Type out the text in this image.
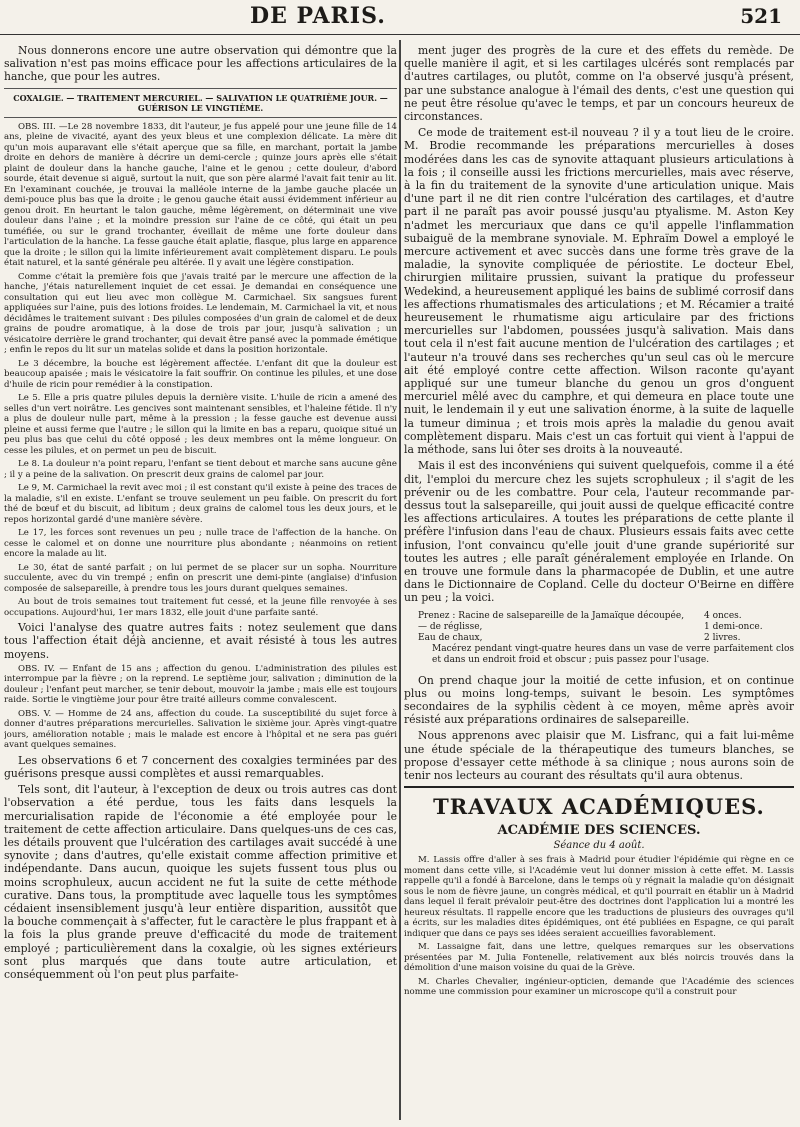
DE PARIS.	521

Nous donnerons encore une autre observation qui démontre que la salivation n'est pas moins efficace pour les affections articulaires de la hanche, que pour les autres.

COXALGIE. — TRAITEMENT MERCURIEL. — SALIVATION LE QUATRIÈME JOUR. — GUÉRISON LE VINGTIÈME.

OBS. III. —Le 28 novembre 1833, dit l'auteur, je fus appelé pour une jeune fille de 14 ans, pleine de vivacité, ayant des yeux bleus et une complexion délicate. La mère dit qu'un mois auparavant elle s'était aperçue que sa fille, en marchant, portait la jambe droite en dehors de manière à décrire un demi-cercle ; quinze jours après elle s'était plaint de douleur dans la hanche gauche, l'aine et le genou ; cette douleur, d'abord sourde, était devenue si aiguë, surtout la nuit, que son père alarmé l'avait fait tenir au lit. En l'examinant couchée, je trouvai la malléole interne de la jambe gauche placée un demi-pouce plus bas que la droite ; le genou gauche était aussi évidemment inférieur au genou droit. En heurtant le talon gauche, même légèrement, on déterminait une vive douleur dans l'aine ; et la moindre pression sur l'aine de ce côté, qui était un peu tuméfiée, ou sur le grand trochanter, éveillait de même une forte douleur dans l'articulation de la hanche. La fesse gauche était aplatie, flasque, plus large en apparence que la droite ; le sillon qui la limite inférieurement avait complètement disparu. Le pouls était naturel, et la santé générale peu altérée. Il y avait une légère constipation.

Comme c'était la première fois que j'avais traité par le mercure une affection de la hanche, j'étais naturellement inquiet de cet essai. Je demandai en conséquence une consultation qui eut lieu avec mon collègue M. Carmichael. Six sangsues furent appliquées sur l'aine, puis des lotions froides. Le lendemain, M. Carmichael la vit, et nous décidâmes le traitement suivant : Des pilules composées d'un grain de calomel et de deux grains de poudre aromatique, à la dose de trois par jour, jusqu'à salivation ; un vésicatoire derrière le grand trochanter, qui devait être pansé avec la pommade émétique ; enfin le repos du lit sur un matelas solide et dans la position horizontale.

Le 3 décembre, la bouche est légèrement affectée. L'enfant dit que la douleur est beaucoup apaisée ; mais le vésicatoire la fait souffrir. On continue les pilules, et une dose d'huile de ricin pour remédier à la constipation.

Le 5. Elle a pris quatre pilules depuis la dernière visite. L'huile de ricin a amené des selles d'un vert noirâtre. Les gencives sont maintenant sensibles, et l'haleine fétide. Il n'y a plus de douleur nulle part, même à la pression ; la fesse gauche est devenue aussi pleine et aussi ferme que l'autre ; le sillon qui la limite en bas a reparu, quoique situé un peu plus bas que celui du côté opposé ; les deux membres ont la même longueur. On cesse les pilules, et on permet un peu de biscuit.

Le 8. La douleur n'a point reparu, l'enfant se tient debout et marche sans aucune gêne ; il y a peine de la salivation. On prescrit deux grains de calomel par jour.

Le 9, M. Carmichael la revit avec moi ; il est constant qu'il existe à peine des traces de la maladie, s'il en existe. L'enfant se trouve seulement un peu faible. On prescrit du fort thé de bœuf et du biscuit, ad libitum ; deux grains de calomel tous les deux jours, et le repos horizontal gardé d'une manière sévère.

Le 17, les forces sont revenues un peu ; nulle trace de l'affection de la hanche. On cesse le calomel et on donne une nourriture plus abondante ; néanmoins on retient encore la malade au lit.

Le 30, état de santé parfait ; on lui permet de se placer sur un sopha. Nourriture succulente, avec du vin trempé ; enfin on prescrit une demi-pinte (anglaise) d'infusion composée de salsepareille, à prendre tous les jours durant quelques semaines.

Au bout de trois semaines tout traitement fut cessé, et la jeune fille renvoyée à ses occupations. Aujourd'hui, 1er mars 1832, elle jouit d'une parfaite santé.

Voici l'analyse des quatre autres faits : notez seulement que dans tous l'affection était déjà ancienne, et avait résisté à tous les autres moyens.

OBS. IV. — Enfant de 15 ans ; affection du genou. L'administration des pilules est interrompue par la fièvre ; on la reprend. Le septième jour, salivation ; diminution de la douleur ; l'enfant peut marcher, se tenir debout, mouvoir la jambe ; mais elle est toujours raide. Sortie le vingtième jour pour être traité ailleurs comme convalescent.

OBS. V. — Homme de 24 ans, affection du coude. La susceptibilité du sujet force à donner d'autres préparations mercurielles. Salivation le sixième jour. Après vingt-quatre jours, amélioration notable ; mais le malade est encore à l'hôpital et ne sera pas guéri avant quelques semaines.

Les observations 6 et 7 concernent des coxalgies terminées par des guérisons presque aussi complètes et aussi remarquables.

Tels sont, dit l'auteur, à l'exception de deux ou trois autres cas dont l'observation a été perdue, tous les faits dans lesquels la mercurialisation rapide de l'économie a été employée pour le traitement de cette affection articulaire. Dans quelques-uns de ces cas, les détails prouvent que l'ulcération des cartilages avait succédé à une synovite ; dans d'autres, qu'elle existait comme affection primitive et indépendante. Dans aucun, quoique les sujets fussent tous plus ou moins scrophuleux, aucun accident ne fut la suite de cette méthode curative. Dans tous, la promptitude avec laquelle tous les symptômes cédaient insensiblement jusqu'à leur entière disparition, aussitôt que la bouche commençait à s'affecter, fut le caractère le plus frappant et à la fois la plus grande preuve d'efficacité du mode de traitement employé ; particulièrement dans la coxalgie, où les signes extérieurs sont plus marqués que dans toute autre articulation, et conséquemment où l'on peut plus parfaite-

ment juger des progrès de la cure et des effets du remède. De quelle manière il agit, et si les cartilages ulcérés sont remplacés par d'autres cartilages, ou plutôt, comme on l'a observé jusqu'à présent, par une substance analogue à l'émail des dents, c'est une question qui ne peut être résolue qu'avec le temps, et par un concours heureux de circonstances.

Ce mode de traitement est-il nouveau ? il y a tout lieu de le croire. M. Brodie recommande les préparations mercurielles à doses modérées dans les cas de synovite attaquant plusieurs articulations à la fois ; il conseille aussi les frictions mercurielles, mais avec réserve, à la fin du traitement de la synovite d'une articulation unique. Mais d'une part il ne dit rien contre l'ulcération des cartilages, et d'autre part il ne paraît pas avoir poussé jusqu'au ptyalisme. M. Aston Key n'admet les mercuriaux que dans ce qu'il appelle l'inflammation subaiguë de la membrane synoviale. M. Ephraïm Dowel a employé le mercure activement et avec succès dans une forme très grave de la maladie, la synovite compliquée de périostite. Le docteur Ebel, chirurgien militaire prussien, suivant la pratique du professeur Wedekind, a heureusement appliqué les bains de sublimé corrosif dans les affections rhumatismales des articulations ; et M. Récamier a traité heureusement le rhumatisme aigu articulaire par des frictions mercurielles sur l'abdomen, poussées jusqu'à salivation. Mais dans tout cela il n'est fait aucune mention de l'ulcération des cartilages ; et l'auteur n'a trouvé dans ses recherches qu'un seul cas où le mercure ait été employé contre cette affection. Wilson raconte qu'ayant appliqué sur une tumeur blanche du genou un gros d'onguent mercuriel mêlé avec du camphre, et qui demeura en place toute une nuit, le lendemain il y eut une salivation énorme, à la suite de laquelle la tumeur diminua ; et trois mois après la maladie du genou avait complètement disparu. Mais c'est un cas fortuit qui vient à l'appui de la méthode, sans lui ôter ses droits à la nouveauté.

Mais il est des inconvéniens qui suivent quelquefois, comme il a été dit, l'emploi du mercure chez les sujets scrophuleux ; il s'agit de les prévenir ou de les combattre. Pour cela, l'auteur recommande par-dessus tout la salsepareille, qui jouit aussi de quelque efficacité contre les affections articulaires. A toutes les préparations de cette plante il préfère l'infusion dans l'eau de chaux. Plusieurs essais faits avec cette infusion, l'ont convaincu qu'elle jouit d'une grande supériorité sur toutes les autres ; elle paraît généralement employée en Irlande. On en trouve une formule dans la pharmacopée de Dublin, et une autre dans le Dictionnaire de Copland. Celle du docteur O'Beirne en diffère un peu ; la voici.

Prenez : Racine de salsepareille de la Jamaïque découpée,	4 onces.
— de réglisse,	1 demi-once.
Eau de chaux,	2 livres.

Macérez pendant vingt-quatre heures dans un vase de verre parfaitement clos et dans un endroit froid et obscur ; puis passez pour l'usage.

On prend chaque jour la moitié de cette infusion, et on continue plus ou moins long-temps, suivant le besoin. Les symptômes secondaires de la syphilis cèdent à ce moyen, même après avoir résisté aux préparations ordinaires de salsepareille.

Nous apprenons avec plaisir que M. Lisfranc, qui a fait lui-même une étude spéciale de la thérapeutique des tumeurs blanches, se propose d'essayer cette méthode à sa clinique ; nous aurons soin de tenir nos lecteurs au courant des résultats qu'il aura obtenus.

TRAVAUX ACADÉMIQUES.

ACADÉMIE DES SCIENCES.

Séance du 4 août.

M. Lassis offre d'aller à ses frais à Madrid pour étudier l'épidémie qui règne en ce moment dans cette ville, si l'Académie veut lui donner mission à cette effet. M. Lassis rappelle qu'il a fondé à Barcelone, dans le temps où y régnait la maladie qu'on désignait sous le nom de fièvre jaune, un congrès médical, et qu'il pourrait en établir un à Madrid dans lequel il ferait prévaloir peut-être des doctrines dont l'application lui a montré les heureux résultats. Il rappelle encore que les traductions de plusieurs des ouvrages qu'il a écrits, sur les maladies dites épidémiques, ont été publiées en Espagne, ce qui paraît indiquer que dans ce pays ses idées seraient accueillies favorablement.

M. Lassaigne fait, dans une lettre, quelques remarques sur les observations présentées par M. Julia Fontenelle, relativement aux blés noircis trouvés dans la démolition d'une maison voisine du quai de la Grève.

M. Charles Chevalier, ingénieur-opticien, demande que l'Académie des sciences nomme une commission pour examiner un microscope qu'il a construit pour
